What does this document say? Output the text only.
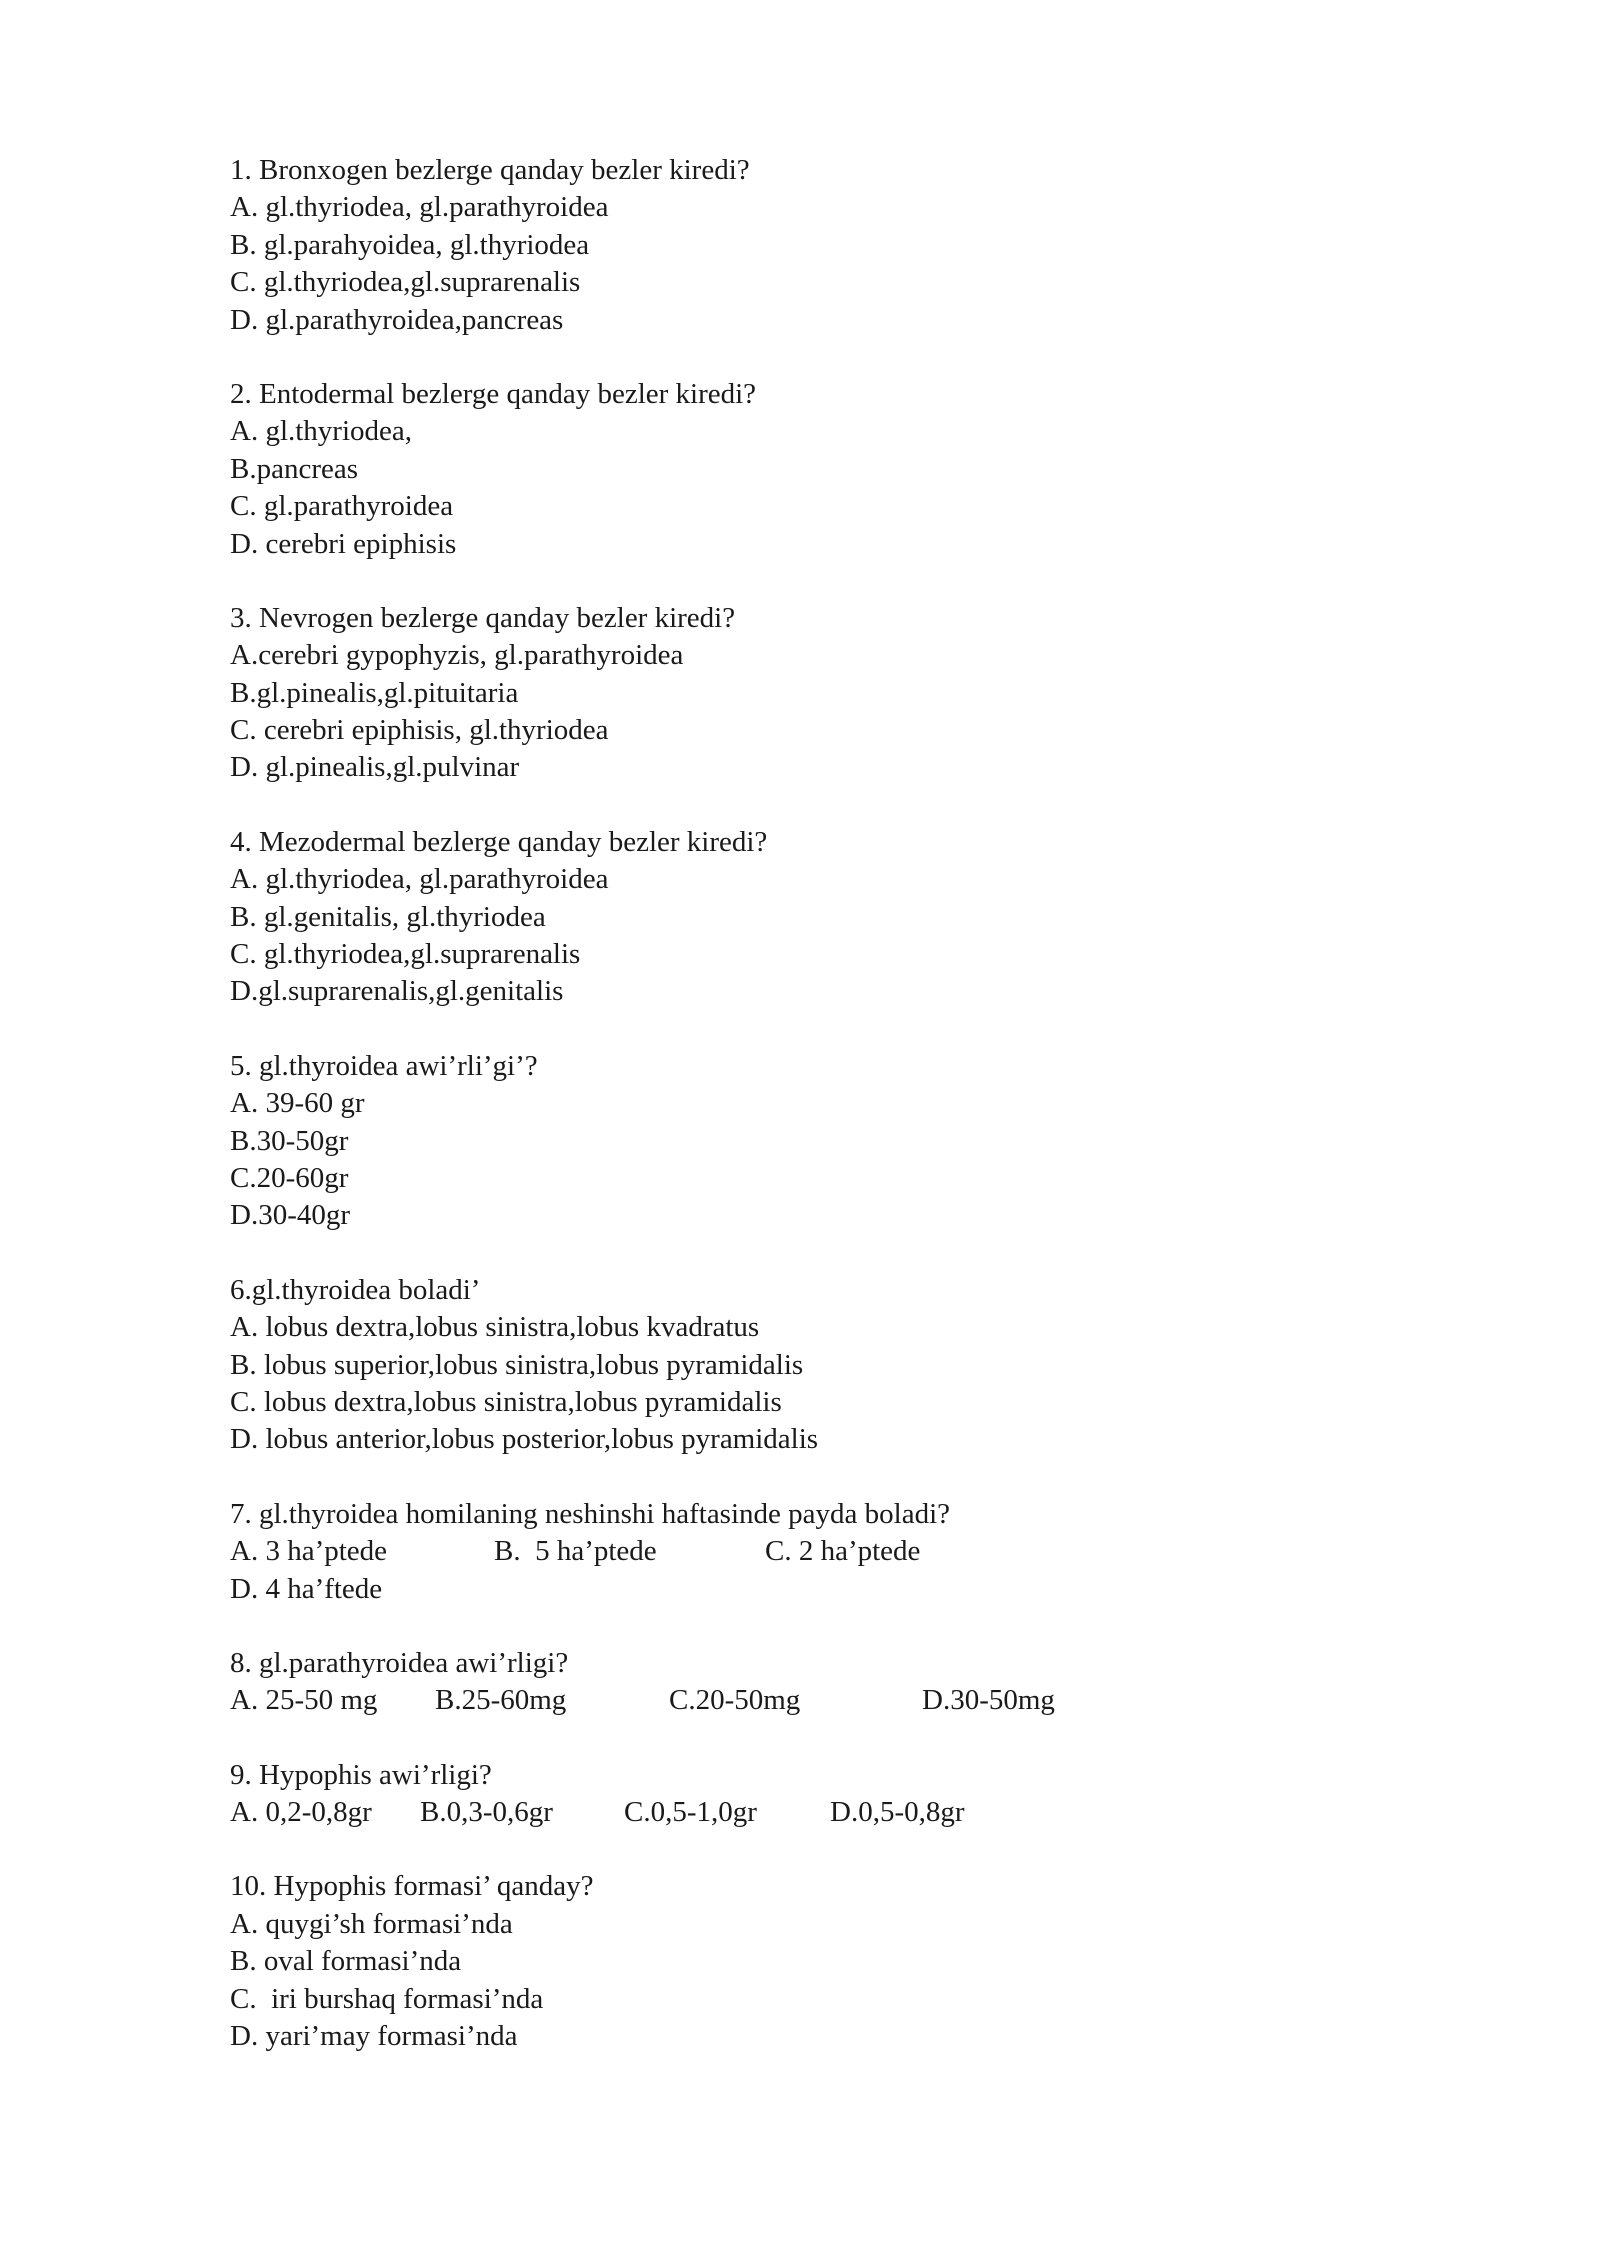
1. Bronxogen bezlerge qanday bezler kiredi?
A. gl.thyriodea, gl.parathyroidea
B. gl.parahyoidea, gl.thyriodea
C. gl.thyriodea,gl.suprarenalis
D. gl.parathyroidea,pancreas
2. Entodermal bezlerge qanday bezler kiredi?
A. gl.thyriodea,
B.pancreas
C. gl.parathyroidea
D. cerebri epiphisis
3. Nevrogen bezlerge qanday bezler kiredi?
A.cerebri gypophyzis, gl.parathyroidea
B.gl.pinealis,gl.pituitaria
C. cerebri epiphisis, gl.thyriodea
D. gl.pinealis,gl.pulvinar
4. Mezodermal bezlerge qanday bezler kiredi?
A. gl.thyriodea, gl.parathyroidea
B. gl.genitalis, gl.thyriodea
C. gl.thyriodea,gl.suprarenalis
D.gl.suprarenalis,gl.genitalis
5. gl.thyroidea awi’rli’gi’?
A. 39-60 gr
B.30-50gr
C.20-60gr
D.30-40gr
6.gl.thyroidea boladi’
A. lobus dextra,lobus sinistra,lobus kvadratus
B. lobus superior,lobus sinistra,lobus pyramidalis
C. lobus dextra,lobus sinistra,lobus pyramidalis
D. lobus anterior,lobus posterior,lobus pyramidalis
7. gl.thyroidea homilaning neshinshi haftasinde payda boladi?
A. 3 ha’ptede	B.  5 ha’ptede	C. 2 ha’ptede
D. 4 ha’ftede
8. gl.parathyroidea awi’rligi?
A. 25-50 mg B.25-60mg	C.20-50mg	D.30-50mg
9. Hypophis awi’rligi?
A. 0,2-0,8gr B.0,3-0,6gr C.0,5-1,0gr	D.0,5-0,8gr
10. Hypophis formasi’ qanday?
A. quygi’sh formasi’nda
B. oval formasi’nda
C.  iri burshaq formasi’nda
D. yari’may formasi’nda
